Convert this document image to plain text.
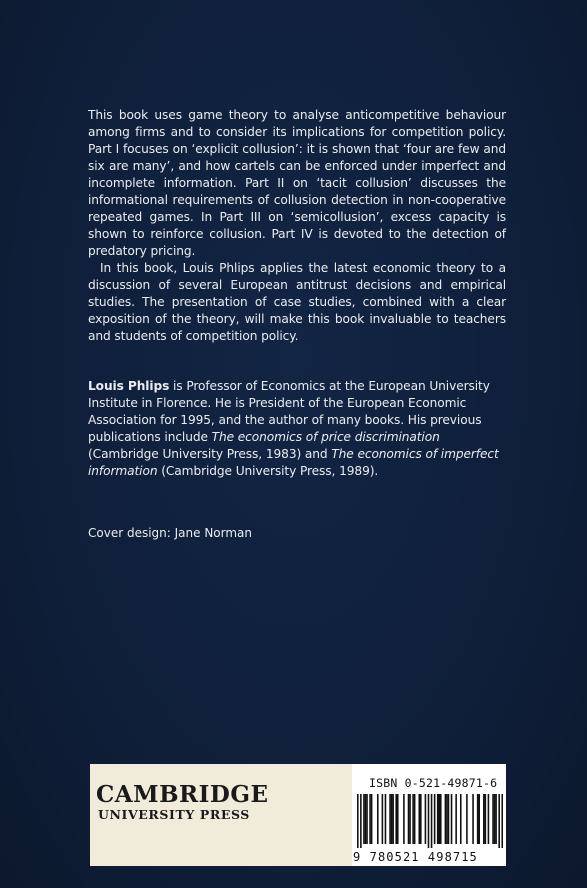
This book uses game theory to analyse anticompetitive behaviour among firms and to consider its implications for competition policy. Part I focuses on ‘explicit collusion’: it is shown that ‘four are few and six are many’, and how cartels can be enforced under imperfect and incomplete information. Part II on ‘tacit collusion’ discusses the informational requirements of collusion detection in non-cooperative repeated games. In Part III on ‘semicollusion’, excess capacity is shown to reinforce collusion. Part IV is devoted to the detection of predatory pricing.

In this book, Louis Phlips applies the latest economic theory to a discussion of several European antitrust decisions and empirical studies. The presentation of case studies, combined with a clear exposition of the theory, will make this book invaluable to teachers and students of competition policy.

Louis Phlips is Professor of Economics at the European University Institute in Florence. He is President of the European Economic Association for 1995, and the author of many books. His previous publications include The economics of price discrimination (Cambridge University Press, 1983) and The economics of imperfect information (Cambridge University Press, 1989).
Cover design: Jane Norman
CAMBRIDGE
UNIVERSITY PRESS
ISBN 0-521-49871-6
9 780521 498715
